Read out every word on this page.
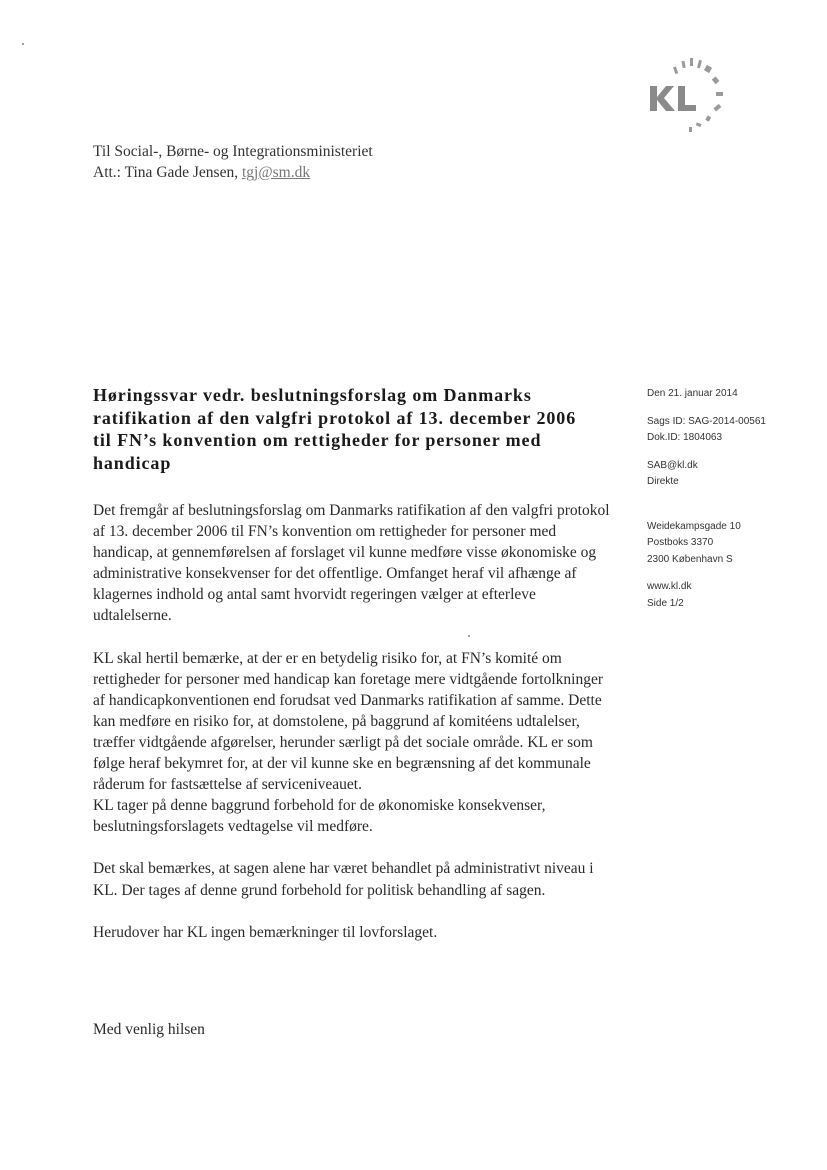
Til Social-, Børne- og Integrationsministeriet
Att.: Tina Gade Jensen, tgj@sm.dk
Høringssvar vedr. beslutningsforslag om Danmarks ratifikation af den valgfri protokol af 13. december 2006 til FN’s konvention om rettigheder for personer med handicap
Den 21. januar 2014
Sags ID: SAG-2014-00561
Dok.ID: 1804063
SAB@kl.dk
Direkte
Weidekampsgade 10
Postboks 3370
2300 København S
www.kl.dk
Side 1/2

Det fremgår af beslutningsforslag om Danmarks ratifikation af den valgfri protokol af 13. december 2006 til FN’s konvention om rettigheder for personer med handicap, at gennemførelsen af forslaget vil kunne medføre visse økonomiske og administrative konsekvenser for det offentlige. Omfanget heraf vil afhænge af klagernes indhold og antal samt hvorvidt regeringen vælger at efterleve udtalelserne.

KL skal hertil bemærke, at der er en betydelig risiko for, at FN’s komité om rettigheder for personer med handicap kan foretage mere vidtgående fortolkninger af handicapkonventionen end forudsat ved Danmarks ratifikation af samme. Dette kan medføre en risiko for, at domstolene, på baggrund af komitéens udtalelser, træffer vidtgående afgørelser, herunder særligt på det sociale område. KL er som følge heraf bekymret for, at der vil kunne ske en begrænsning af det kommunale råderum for fastsættelse af serviceniveauet.

KL tager på denne baggrund forbehold for de økonomiske konsekvenser, beslutningsforslagets vedtagelse vil medføre.

Det skal bemærkes, at sagen alene har været behandlet på administrativt niveau i KL. Der tages af denne grund forbehold for politisk behandling af sagen.

Herudover har KL ingen bemærkninger til lovforslaget.

Med venlig hilsen
